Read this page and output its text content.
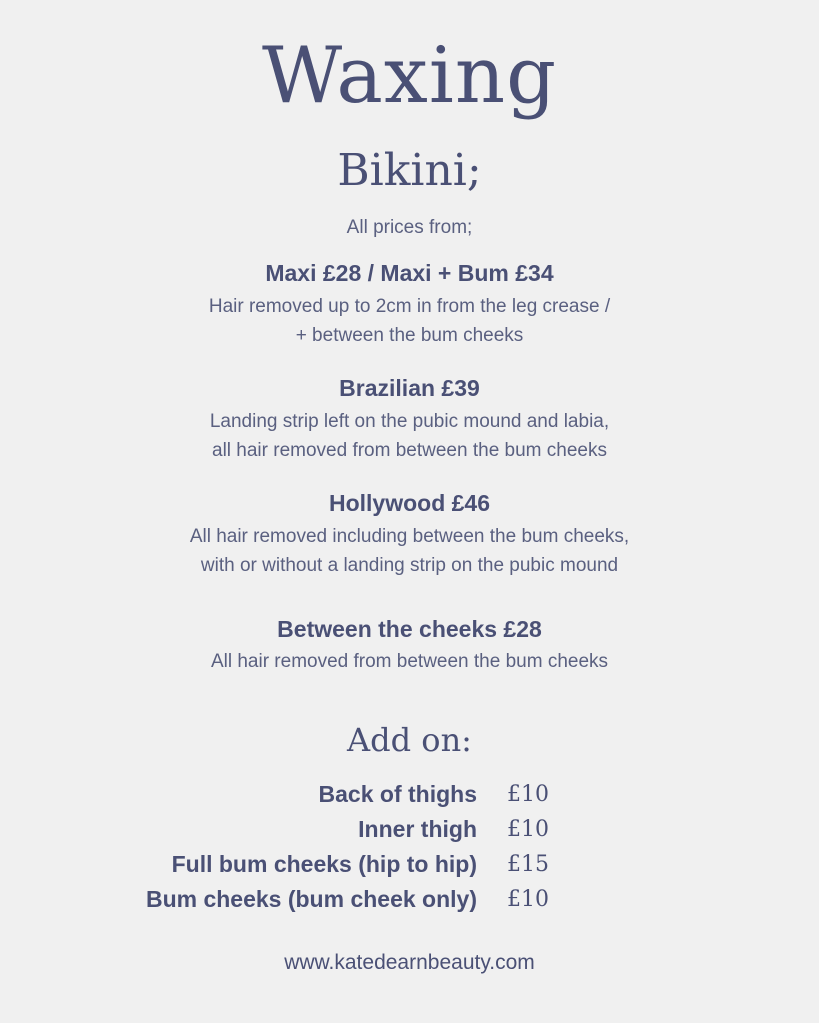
Waxing
Bikini;
All prices from;
Maxi £28 / Maxi + Bum £34
Hair removed up to 2cm in from the leg crease /
+ between the bum cheeks
Brazilian £39
Landing strip left on the pubic mound and labia,
all hair removed from between the bum cheeks
Hollywood £46
All hair removed including between the bum cheeks,
with or without a landing strip on the pubic mound
Between the cheeks £28
All hair removed from between the bum cheeks
Add on:
Back of thighs £10
Inner thigh £10
Full bum cheeks (hip to hip) £15
Bum cheeks (bum cheek only) £10
www.katedearnbeauty.com
